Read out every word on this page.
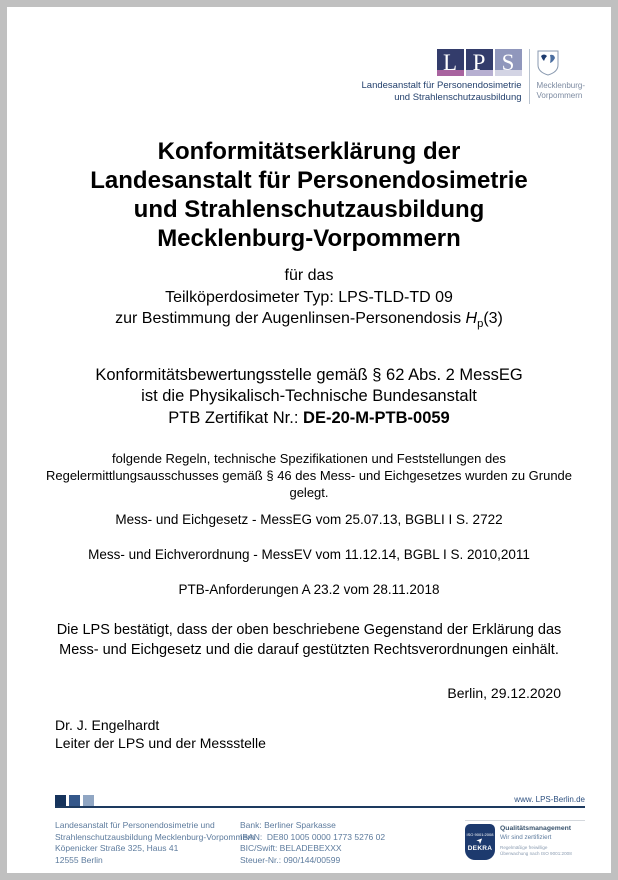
L P S
Landesanstalt für Personendosimetrie
und Strahlenschutzausbildung
Mecklenburg-
Vorpommern
Konformitätserklärung der
Landesanstalt für Personendosimetrie
und Strahlenschutzausbildung
Mecklenburg-Vorpommern
für das
Teilköperdosimeter Typ: LPS-TLD-TD 09
zur Bestimmung der Augenlinsen-Personendosis $H_p(3)$
Konformitätsbewertungsstelle gemäß § 62 Abs. 2 MessEG
ist die Physikalisch-Technische Bundesanstalt
PTB Zertifikat Nr.: DE-20-M-PTB-0059

folgende Regeln, technische Spezifikationen und Feststellungen des Regelermittlungsausschusses gemäß § 46 des Mess- und Eichgesetzes wurden zu Grunde gelegt.

Mess- und Eichgesetz - MessEG vom 25.07.13, BGBLI I S. 2722
Mess- und Eichverordnung - MessEV vom 11.12.14, BGBL I S. 2010,2011
PTB-Anforderungen A 23.2 vom 28.11.2018

Die LPS bestätigt, dass der oben beschriebene Gegenstand der Erklärung das Mess- und Eichgesetz und die darauf gestützten Rechtsverordnungen einhält.

Berlin, 29.12.2020
Dr. J. Engelhardt
Leiter der LPS und der Messstelle
www. LPS-Berlin.de
Landesanstalt für Personendosimetrie und
Strahlenschutzausbildung Mecklenburg-Vorpommern
Köpenicker Straße 325, Haus 41
12555 Berlin
Bank: Berliner Sparkasse
IBAN:  DE80 1005 0000 1773 5276 02
BIC/Swift: BELADEBEXXX
Steuer-Nr.: 090/144/00599
ISO 9001:2008
➤
DEKRA
Qualitätsmanagement
Wir sind zertifiziert
Regelmäßige freiwillige
Überwachung nach ISO 9001:2008
